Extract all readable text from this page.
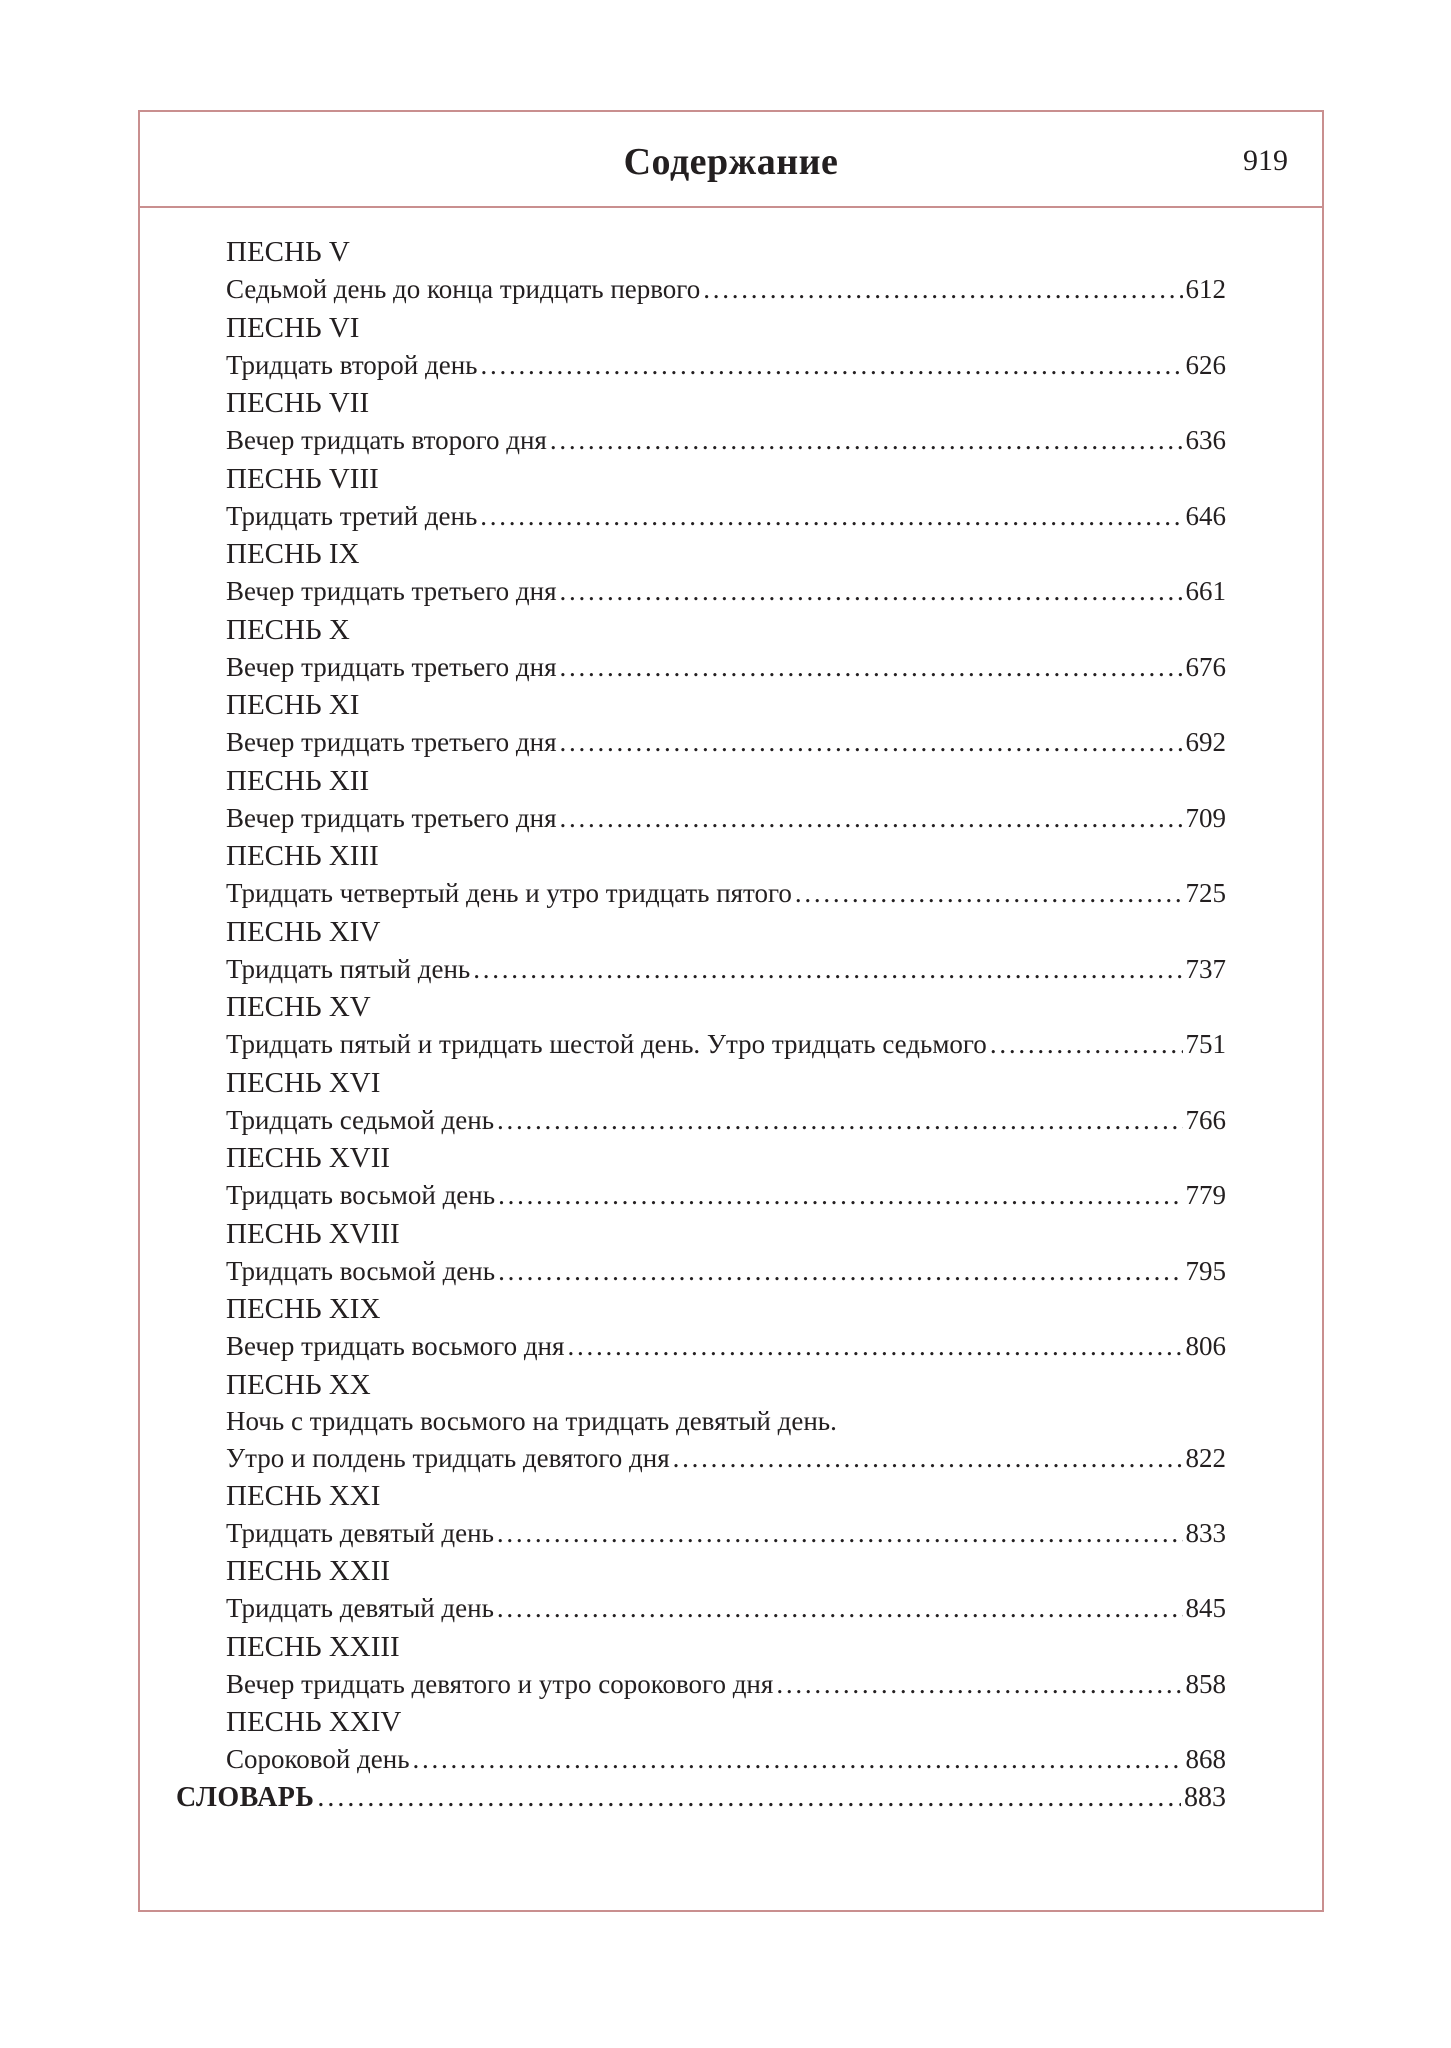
Содержание	919
ПЕСНЬ V
Седьмой день до конца тридцать первого . . .	612
ПЕСНЬ VI
Тридцать второй день . . .	626
ПЕСНЬ VII
Вечер тридцать второго дня . . .	636
ПЕСНЬ VIII
Тридцать третий день . . .	646
ПЕСНЬ IX
Вечер тридцать третьего дня . . .	661
ПЕСНЬ X
Вечер тридцать третьего дня . . .	676
ПЕСНЬ XI
Вечер тридцать третьего дня . . .	692
ПЕСНЬ XII
Вечер тридцать третьего дня . . .	709
ПЕСНЬ XIII
Тридцать четвертый день и утро тридцать пятого . . .	725
ПЕСНЬ XIV
Тридцать пятый день . . .	737
ПЕСНЬ XV
Тридцать пятый и тридцать шестой день. Утро тридцать седьмого . . .	751
ПЕСНЬ XVI
Тридцать седьмой день . . .	766
ПЕСНЬ XVII
Тридцать восьмой день . . .	779
ПЕСНЬ XVIII
Тридцать восьмой день . . .	795
ПЕСНЬ XIX
Вечер тридцать восьмого дня . . .	806
ПЕСНЬ XX
Ночь с тридцать восьмого на тридцать девятый день.
Утро и полдень тридцать девятого дня . . .	822
ПЕСНЬ XXI
Тридцать девятый день . . .	833
ПЕСНЬ XXII
Тридцать девятый день . . .	845
ПЕСНЬ XXIII
Вечер тридцать девятого и утро сорокового дня . . .	858
ПЕСНЬ XXIV
Сороковой день . . .	868
СЛОВАРЬ . . .	883
